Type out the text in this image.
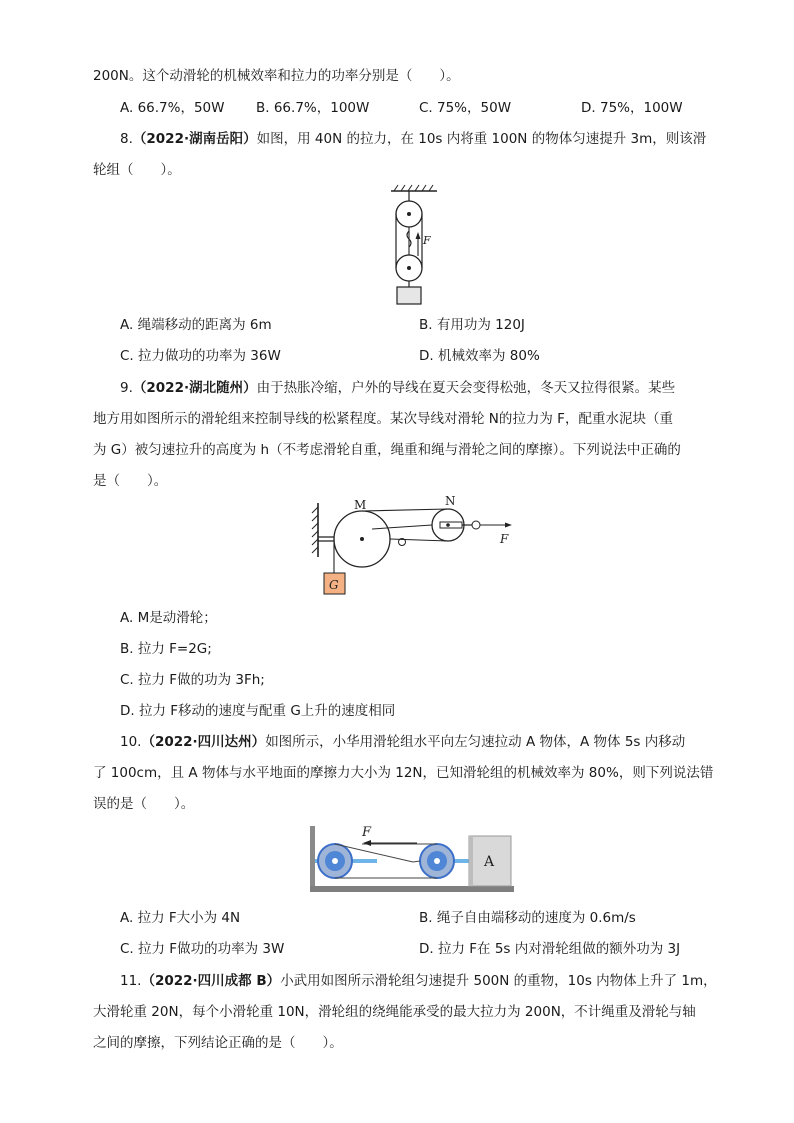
200N。这个动滑轮的机械效率和拉力的功率分别是（　　）。
A. 66.7%，50W B. 66.7%，100W	C. 75%，50W	D. 75%，100W
8.（2022·湖南岳阳）如图，用 40N 的拉力，在 10s 内将重 100N 的物体匀速提升 3m，则该滑
轮组（　　）。
F
A. 绳端移动的距离为 6m	B. 有用功为 120J
C. 拉力做功的功率为 36W	D. 机械效率为 80%
9.（2022·湖北随州）由于热胀冷缩，户外的导线在夏天会变得松弛，冬天又拉得很紧。某些
地方用如图所示的滑轮组来控制导线的松紧程度。某次导线对滑轮 N的拉力为 F，配重水泥块（重
为 G）被匀速拉升的高度为 h（不考虑滑轮自重，绳重和绳与滑轮之间的摩擦）。下列说法中正确的
是（　　）。
M	N
F
G
A. M是动滑轮；
B. 拉力 F=2G;
C. 拉力 F做的功为 3Fh;
D. 拉力 F移动的速度与配重 G上升的速度相同
10.（2022·四川达州）如图所示，小华用滑轮组水平向左匀速拉动 A 物体，A 物体 5s 内移动
了 100cm，且 A 物体与水平地面的摩擦力大小为 12N，已知滑轮组的机械效率为 80%，则下列说法错
误的是（　　）。
F
A
A. 拉力 F大小为 4N	B. 绳子自由端移动的速度为 0.6m/s
C. 拉力 F做功的功率为 3W	D. 拉力 F在 5s 内对滑轮组做的额外功为 3J
11.（2022·四川成都 B）小武用如图所示滑轮组匀速提升 500N 的重物，10s 内物体上升了 1m，
大滑轮重 20N，每个小滑轮重 10N，滑轮组的绕绳能承受的最大拉力为 200N，不计绳重及滑轮与轴
之间的摩擦，下列结论正确的是（　　）。
